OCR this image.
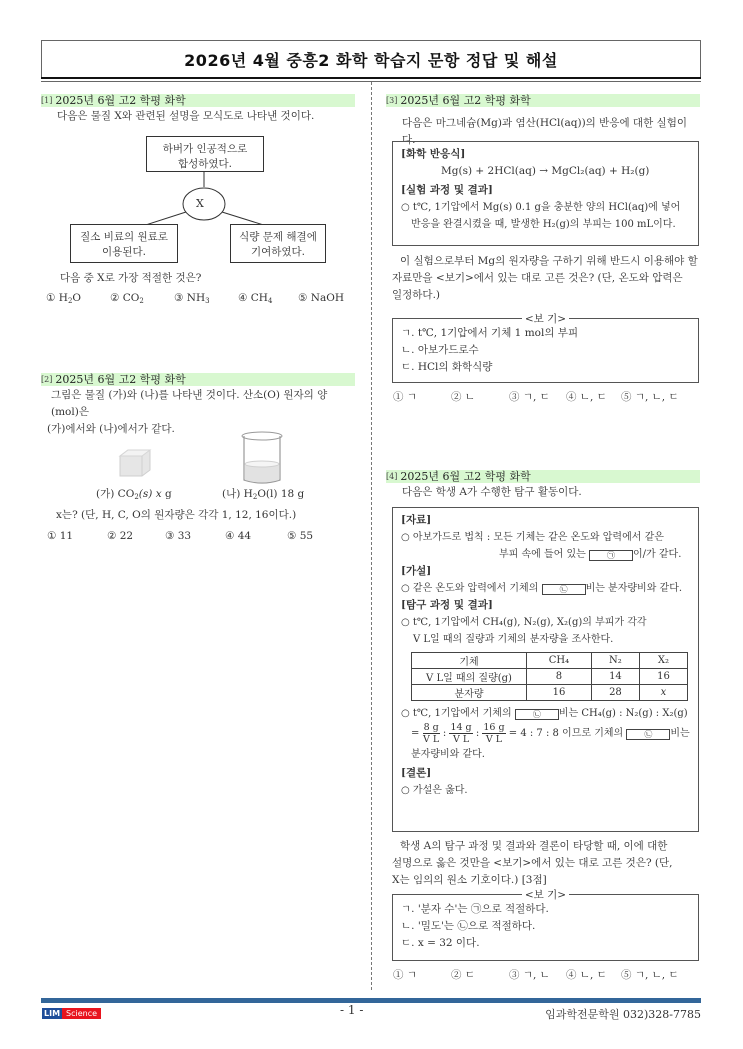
2026년 4월 중흥2 화학 학습지 문항 정답 및 해설
[1] 2025년 6월 고2 학평 화학
다음은 물질 X와 관련된 설명을 모식도로 나타낸 것이다.
하버가 인공적으로
합성하였다.
X
질소 비료의 원료로
이용된다.
식량 문제 해결에
기여하였다.
다음 중 X로 가장 적절한 것은?
① $H_2O$	② $CO_2$	③ $NH_3$	④ $CH_4$	⑤ NaOH
[2] 2025년 6월 고2 학평 화학
그림은 물질 (가)와 (나)를 나타낸 것이다. 산소(O) 원자의 양(mol)은
(가)에서와 (나)에서가 같다.
(가) $CO_2(s)$ x g	(나) $H_2O(l)$ 18 g
x는? (단, H, C, O의 원자량은 각각 1, 12, 16이다.)
① 11	② 22	③ 33	④ 44	⑤ 55
[3] 2025년 6월 고2 학평 화학
다음은 마그네슘(Mg)과 염산(HCl(aq))의 반응에 대한 실험이다.
[화학 반응식]
Mg(s) + 2HCl(aq) → MgCl₂(aq) + H₂(g)
[실험 과정 및 결과]
○ t℃, 1기압에서 Mg(s) 0.1 g을 충분한 양의 HCl(aq)에 넣어
반응을 완결시켰을 때, 발생한 H₂(g)의 부피는 100 mL이다.
이 실험으로부터 Mg의 원자량을 구하기 위해 반드시 이용해야 할
자료만을 <보기>에서 있는 대로 고른 것은? (단, 온도와 압력은
일정하다.)
<보 기>
ㄱ. t℃, 1기압에서 기체 1 mol의 부피
ㄴ. 아보가드로수
ㄷ. HCl의 화학식량
① ㄱ	② ㄴ	③ ㄱ, ㄷ	④ ㄴ, ㄷ	⑤ ㄱ, ㄴ, ㄷ
[4] 2025년 6월 고2 학평 화학
다음은 학생 A가 수행한 탐구 활동이다.
[자료]
○ 아보가드로 법칙 : 모든 기체는 같은 온도와 압력에서 같은
부피 속에 들어 있는	㉠ 이/가 같다.
[가설]
○ 같은 온도와 압력에서 기체의	㉡ 비는 분자량비와 같다.
[탐구 과정 및 결과]
○ t℃, 1기압에서 CH₄(g), N₂(g), X₂(g)의 부피가 각각
V L일 때의 질량과 기체의 분자량을 조사한다.
기체	CH₄	N₂	X₂
V L일 때의 질량(g)	8	14	16
분자량	16	28	x
○ t℃, 1기압에서 기체의	㉡ 비는 CH₄(g) : N₂(g) : X₂(g)
= $\frac{8 g}{\text{V L}}$ : $\frac{14 g}{\text{V L}}$ : $\frac{16 g}{\text{V L}} = 4$ : 7 : 8 이므로 기체의	㉡ 비는
분자량비와 같다.
[결론]
○ 가설은 옳다.
학생 A의 탐구 과정 및 결과와 결론이 타당할 때, 이에 대한
설명으로 옳은 것만을 <보기>에서 있는 대로 고른 것은? (단,
X는 임의의 원소 기호이다.) [3점]
<보 기>
ㄱ. '분자 수'는 ㉠으로 적절하다.
ㄴ. '밀도'는 ㉡으로 적절하다.
ㄷ. x = 32 이다.
① ㄱ	② ㄷ	③ ㄱ, ㄴ	④ ㄴ, ㄷ	⑤ ㄱ, ㄴ, ㄷ
LIM Science	- 1 -	임과학전문학원 032)328-7785
